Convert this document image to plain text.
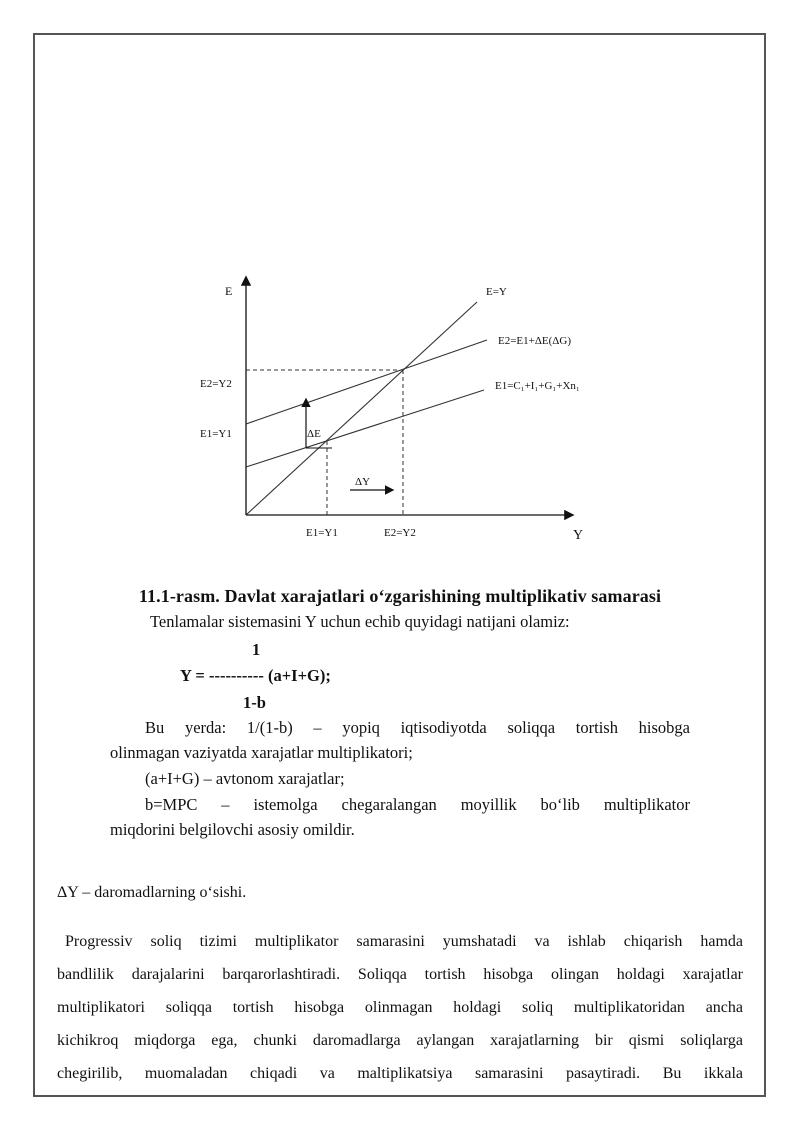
E
Y
E=Y
E2=E1+ΔE(ΔG)
E1=C₁+I₁+G₁+Xn₁
E2=Y2
E1=Y1	ΔE
ΔY
E1=Y1	E2=Y2
11.1-rasm. Davlat xarajatlari o‘zgarishining multiplikativ samarasi
Tenlamalar sistemasini Y uchun echib quyidagi natijani olamiz:
1
Y = ---------- (a+I+G);
1-b
Bu yerda: 1/(1-b) – yopiq iqtisodiyotda soliqqa tortish hisobga
olinmagan vaziyatda xarajatlar multiplikatori;
(a+I+G) – avtonom xarajatlar;
b=MPC – istemolga chegaralangan moyillik bo‘lib multiplikator
miqdorini belgilovchi asosiy omildir.
ΔY – daromadlarning o‘sishi.
Progressiv soliq tizimi multiplikator samarasini yumshatadi va ishlab chiqarish hamda
bandlilik darajalarini barqarorlashtiradi. Soliqqa tortish hisobga olingan holdagi xarajatlar
multiplikatori soliqqa tortish hisobga olinmagan holdagi soliq multiplikatoridan ancha
kichikroq miqdorga ega, chunki daromadlarga aylangan xarajatlarning bir qismi soliqlarga
chegirilib, muomaladan chiqadi va maltiplikatsiya samarasini pasaytiradi. Bu ikkala
